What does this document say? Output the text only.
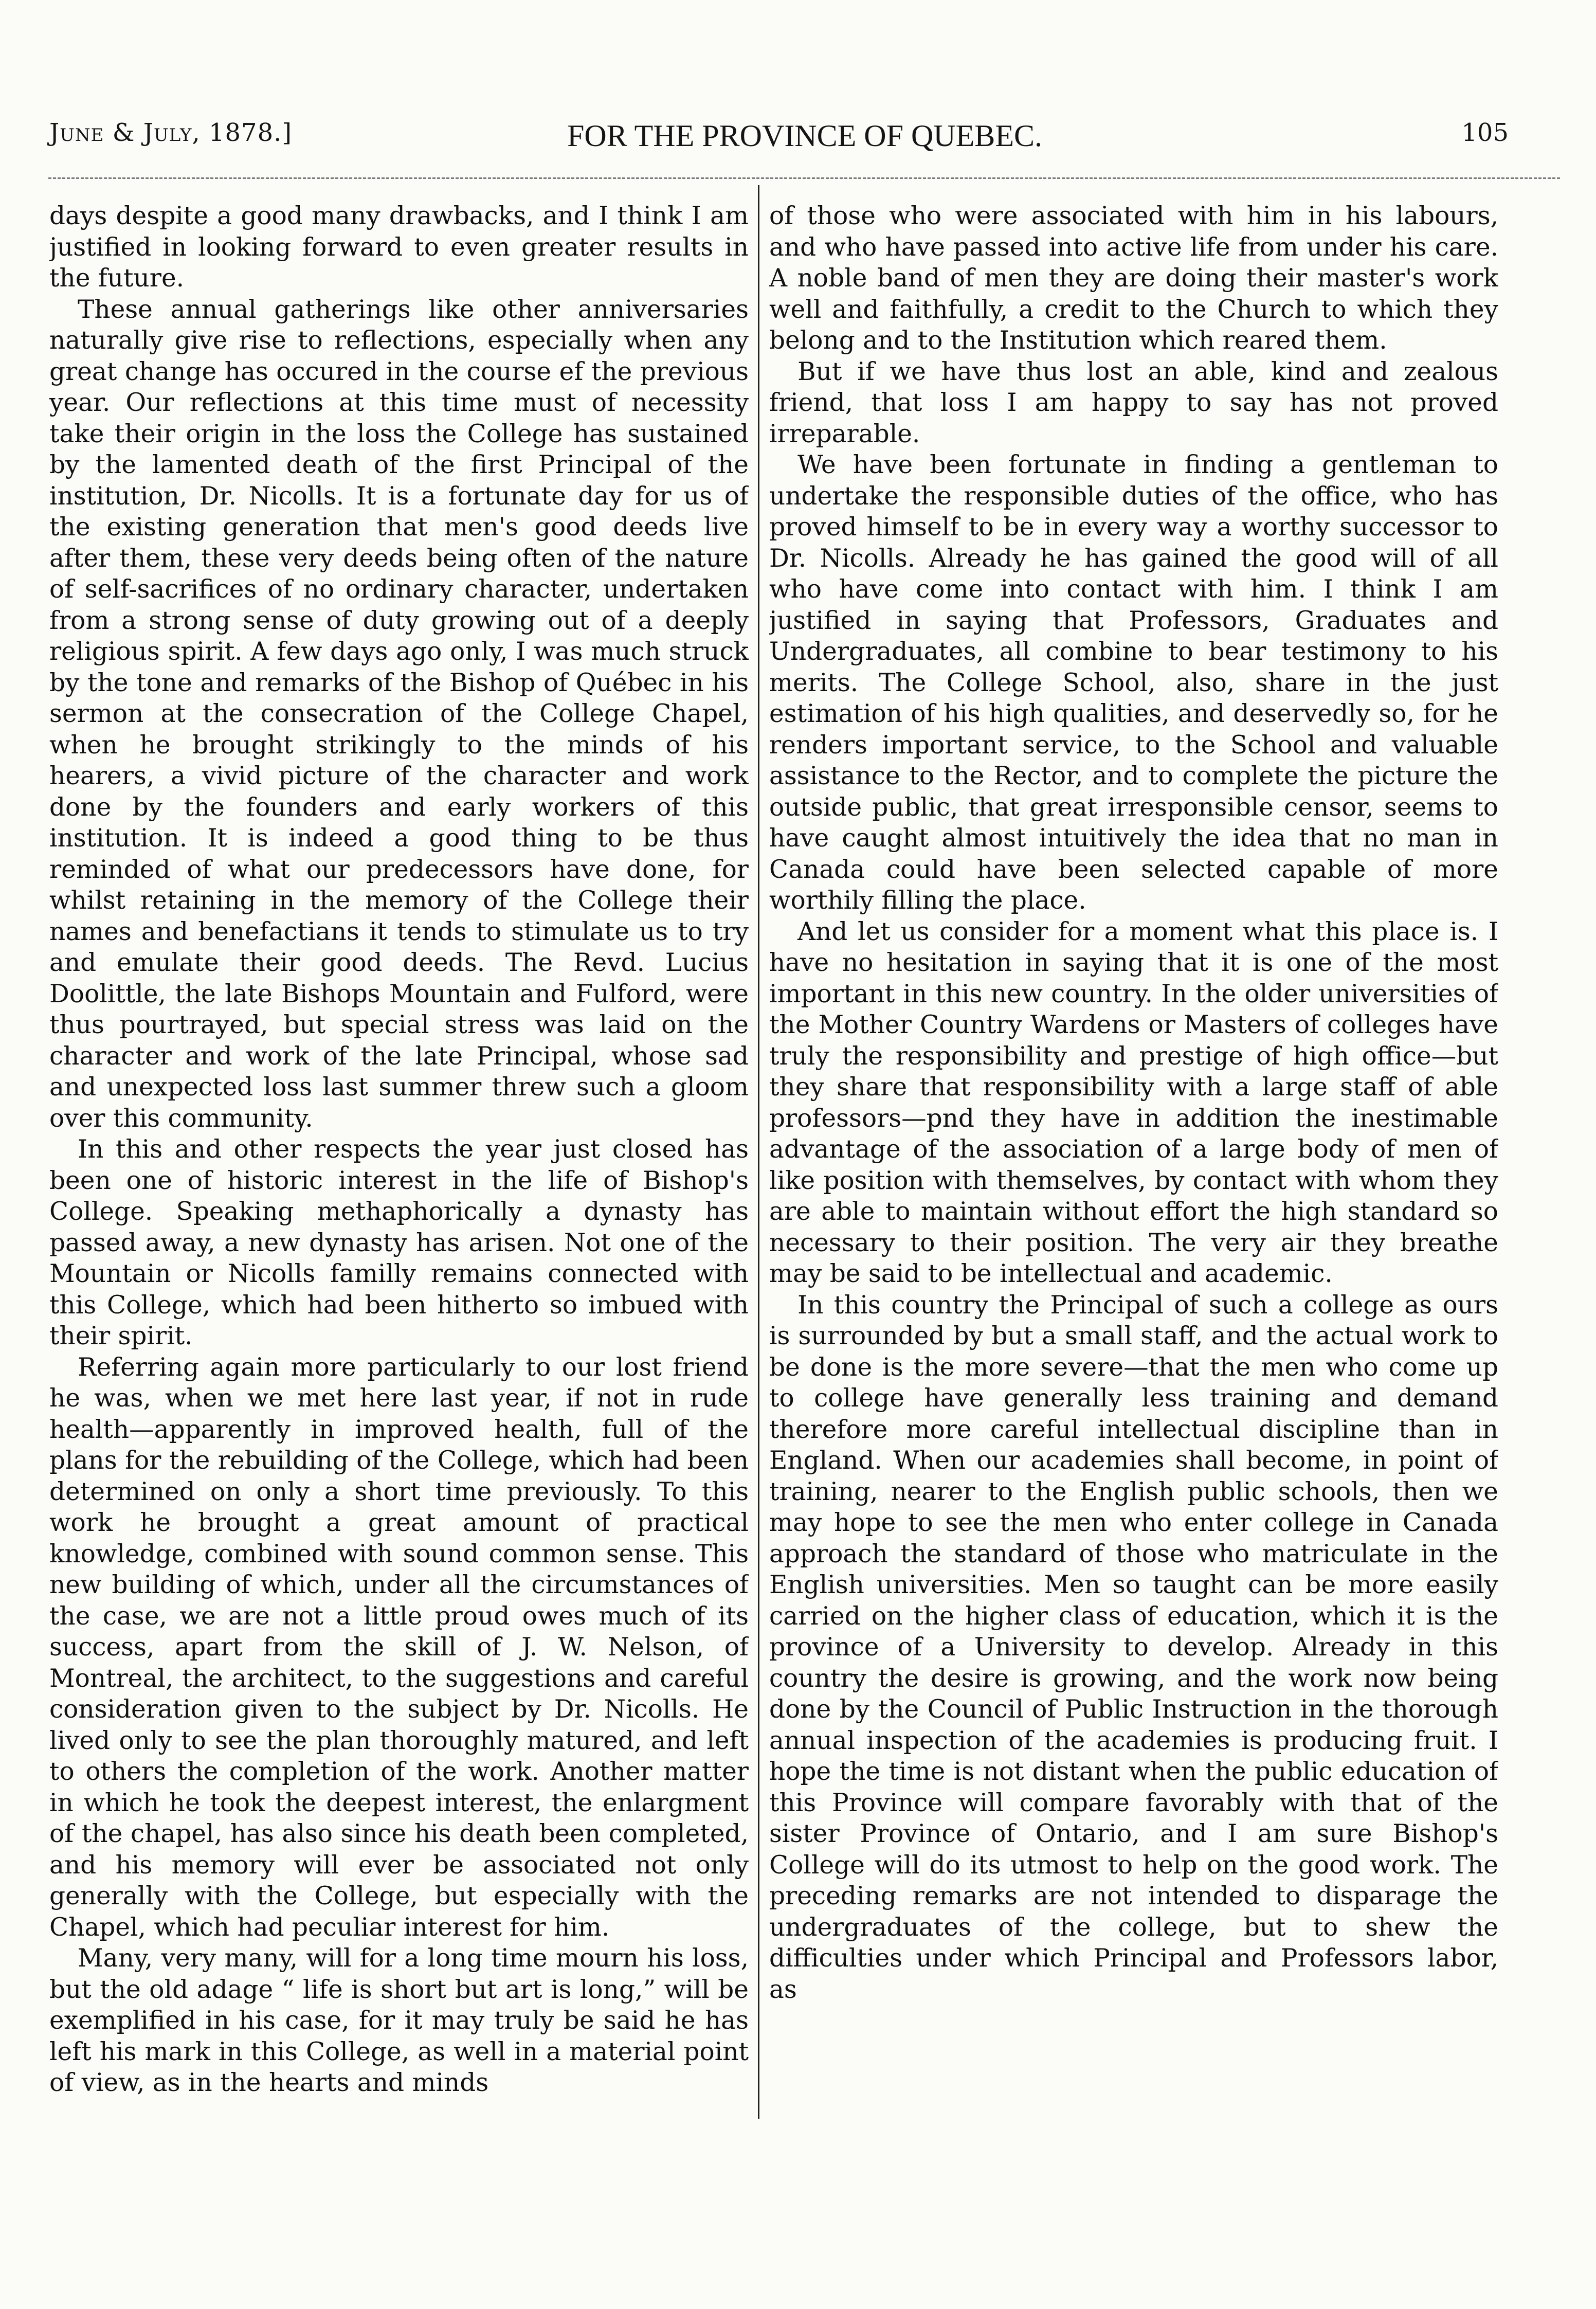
June & July, 1878.]	FOR THE PROVINCE OF QUEBEC.	105

days despite a good many drawbacks, and I think I am justified in looking forward to even greater results in the future.

These annual gatherings like other anniversaries naturally give rise to reflections, especially when any great change has occured in the course ef the previous year. Our reflections at this time must of necessity take their origin in the loss the College has sustained by the lamented death of the first Principal of the institution, Dr. Nicolls. It is a fortunate day for us of the existing generation that men's good deeds live after them, these very deeds being often of the nature of self-sacrifices of no ordinary character, undertaken from a strong sense of duty growing out of a deeply religious spirit. A few days ago only, I was much struck by the tone and remarks of the Bishop of Québec in his sermon at the consecration of the College Chapel, when he brought strikingly to the minds of his hearers, a vivid picture of the character and work done by the founders and early workers of this institution. It is indeed a good thing to be thus reminded of what our predecessors have done, for whilst retaining in the memory of the College their names and benefactians it tends to stimulate us to try and emulate their good deeds. The Revd. Lucius Doolittle, the late Bishops Mountain and Fulford, were thus pourtrayed, but special stress was laid on the character and work of the late Principal, whose sad and unexpected loss last summer threw such a gloom over this community.

In this and other respects the year just closed has been one of historic interest in the life of Bishop's College. Speaking methaphorically a dynasty has passed away, a new dynasty has arisen. Not one of the Mountain or Nicolls familly remains connected with this College, which had been hitherto so imbued with their spirit.

Referring again more particularly to our lost friend he was, when we met here last year, if not in rude health—apparently in improved health, full of the plans for the rebuilding of the College, which had been determined on only a short time previously. To this work he brought a great amount of practical knowledge, combined with sound common sense. This new building of which, under all the circumstances of the case, we are not a little proud owes much of its success, apart from the skill of J. W. Nelson, of Montreal, the architect, to the suggestions and careful consideration given to the subject by Dr. Nicolls. He lived only to see the plan thoroughly matured, and left to others the completion of the work. Another matter in which he took the deepest interest, the enlargment of the chapel, has also since his death been completed, and his memory will ever be associated not only generally with the College, but especially with the Chapel, which had peculiar interest for him.

Many, very many, will for a long time mourn his loss, but the old adage “ life is short but art is long,” will be exemplified in his case, for it may truly be said he has left his mark in this College, as well in a material point of view, as in the hearts and minds

of those who were associated with him in his labours, and who have passed into active life from under his care. A noble band of men they are doing their master's work well and faithfully, a credit to the Church to which they belong and to the Institution which reared them.

But if we have thus lost an able, kind and zealous friend, that loss I am happy to say has not proved irreparable.

We have been fortunate in finding a gentleman to undertake the responsible duties of the office, who has proved himself to be in every way a worthy successor to Dr. Nicolls. Already he has gained the good will of all who have come into contact with him. I think I am justified in saying that Professors, Graduates and Undergraduates, all combine to bear testimony to his merits. The College School, also, share in the just estimation of his high qualities, and deservedly so, for he renders important service, to the School and valuable assistance to the Rector, and to complete the picture the outside public, that great irresponsible censor, seems to have caught almost intuitively the idea that no man in Canada could have been selected capable of more worthily filling the place.

And let us consider for a moment what this place is. I have no hesitation in saying that it is one of the most important in this new country. In the older universities of the Mother Country Wardens or Masters of colleges have truly the responsibility and prestige of high office—but they share that responsibility with a large staff of able professors—pnd they have in addition the inestimable advantage of the association of a large body of men of like position with themselves, by contact with whom they are able to maintain without effort the high standard so necessary to their position. The very air they breathe may be said to be intellectual and academic.

In this country the Principal of such a college as ours is surrounded by but a small staff, and the actual work to be done is the more severe—that the men who come up to college have generally less training and demand therefore more careful intellectual discipline than in England. When our academies shall become, in point of training, nearer to the English public schools, then we may hope to see the men who enter college in Canada approach the standard of those who matriculate in the English universities. Men so taught can be more easily carried on the higher class of education, which it is the province of a University to develop. Already in this country the desire is growing, and the work now being done by the Council of Public Instruction in the thorough annual inspection of the academies is producing fruit. I hope the time is not distant when the public education of this Province will compare favorably with that of the sister Province of Ontario, and I am sure Bishop's College will do its utmost to help on the good work. The preceding remarks are not intended to disparage the undergraduates of the college, but to shew the difficulties under which Principal and Professors labor, as
